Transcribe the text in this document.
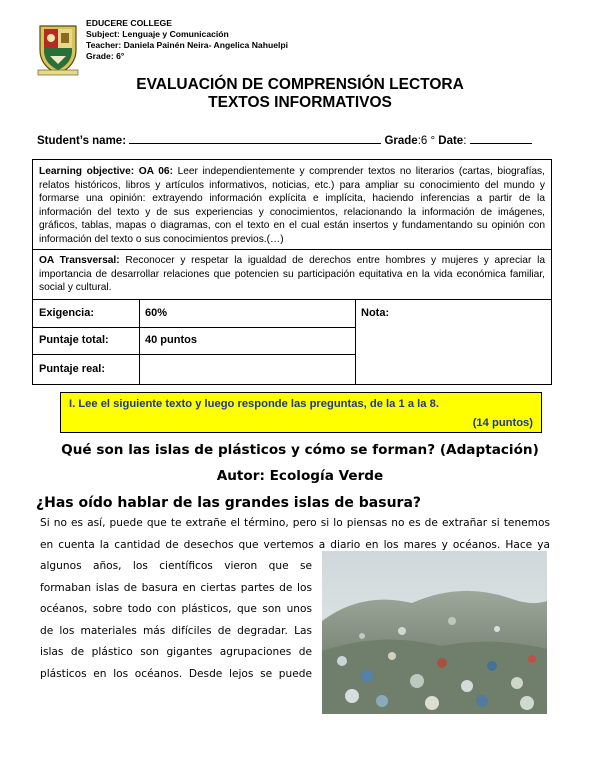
EDUCERE COLLEGE
Subject: Lenguaje y Comunicación
Teacher: Daniela Painén Neira- Angelica Nahuelpi
Grade: 6°
EVALUACIÓN DE COMPRENSIÓN LECTORA
TEXTOS INFORMATIVOS
Student’s name:	Grade:6 ° Date:
Learning objective: OA 06: Leer independientemente y comprender textos no literarios (cartas, biografías, relatos históricos, libros y artículos informativos, noticias, etc.) para ampliar su conocimiento del mundo y formarse una opinión: extrayendo información explícita e implícita, haciendo inferencias a partir de la información del texto y de sus experiencias y conocimientos, relacionando la información de imágenes, gráficos, tablas, mapas o diagramas, con el texto en el cual están insertos y fundamentando su opinión con información del texto o sus conocimientos previos.(…)
OA Transversal: Reconocer y respetar la igualdad de derechos entre hombres y mujeres y apreciar la importancia de desarrollar relaciones que potencien su participación equitativa en la vida económica familiar, social y cultural.
Exigencia:	60%
Puntaje total:	40 puntos
Puntaje real:
Nota:
I. Lee el siguiente texto y luego responde las preguntas, de la 1 a la 8.
(14 puntos)
Qué son las islas de plásticos y cómo se forman? (Adaptación)
Autor: Ecología Verde
¿Has oído hablar de las grandes islas de basura?
Si no es así, puede que te extrañe el término, pero si lo piensas no es de extrañar si tenemos
en cuenta la cantidad de desechos que vertemos a diario en los mares y océanos. Hace ya
algunos años, los científicos vieron que se
formaban islas de basura en ciertas partes de los
océanos, sobre todo con plásticos, que son unos
de los materiales más difíciles de degradar. Las
islas de plástico son gigantes agrupaciones de
plásticos en los océanos. Desde lejos se puede
